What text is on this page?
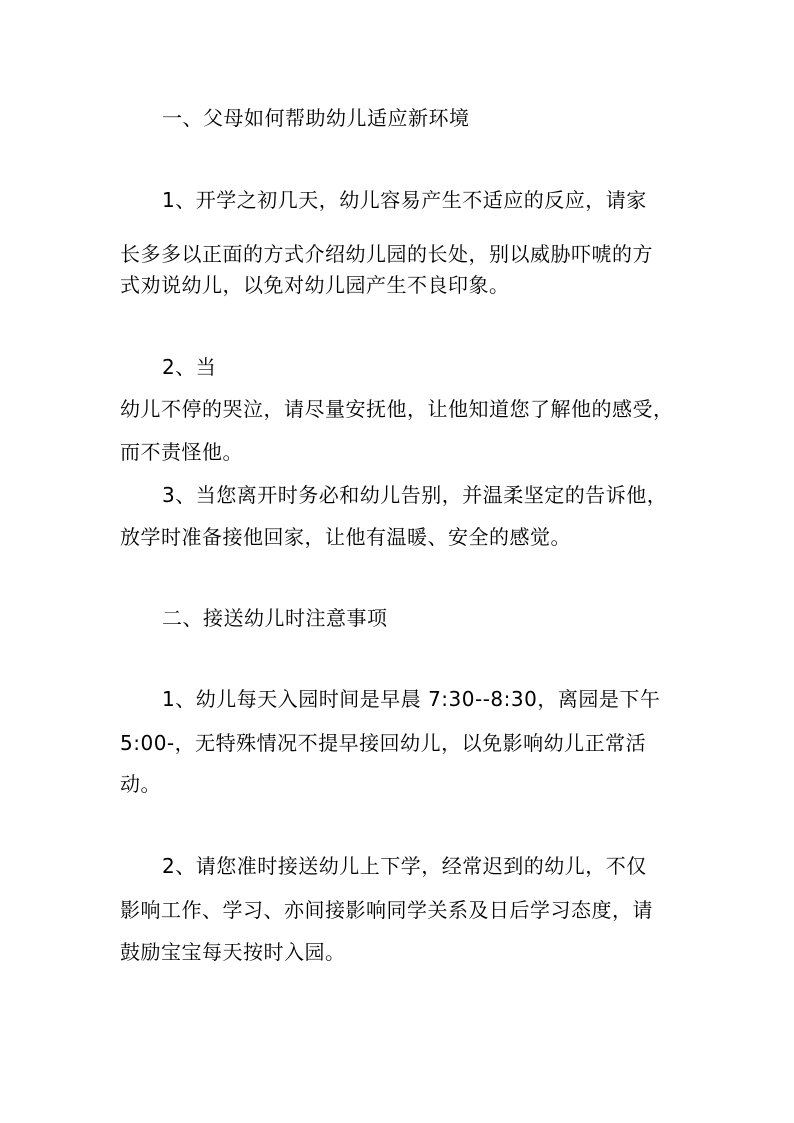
一、父母如何帮助幼儿适应新环境
1、开学之初几天，幼儿容易产生不适应的反应，请家
长多多以正面的方式介绍幼儿园的长处，别以威胁吓唬的方
式劝说幼儿，以免对幼儿园产生不良印象。
2、当
幼儿不停的哭泣，请尽量安抚他，让他知道您了解他的感受，
而不责怪他。
3、当您离开时务必和幼儿告别，并温柔坚定的告诉他，
放学时准备接他回家，让他有温暖、安全的感觉。
二、接送幼儿时注意事项
1、幼儿每天入园时间是早晨 7:30--8:30，离园是下午
5:00-，无特殊情况不提早接回幼儿，以免影响幼儿正常活
动。
2、请您准时接送幼儿上下学，经常迟到的幼儿，不仅
影响工作、学习、亦间接影响同学关系及日后学习态度，请
鼓励宝宝每天按时入园。
